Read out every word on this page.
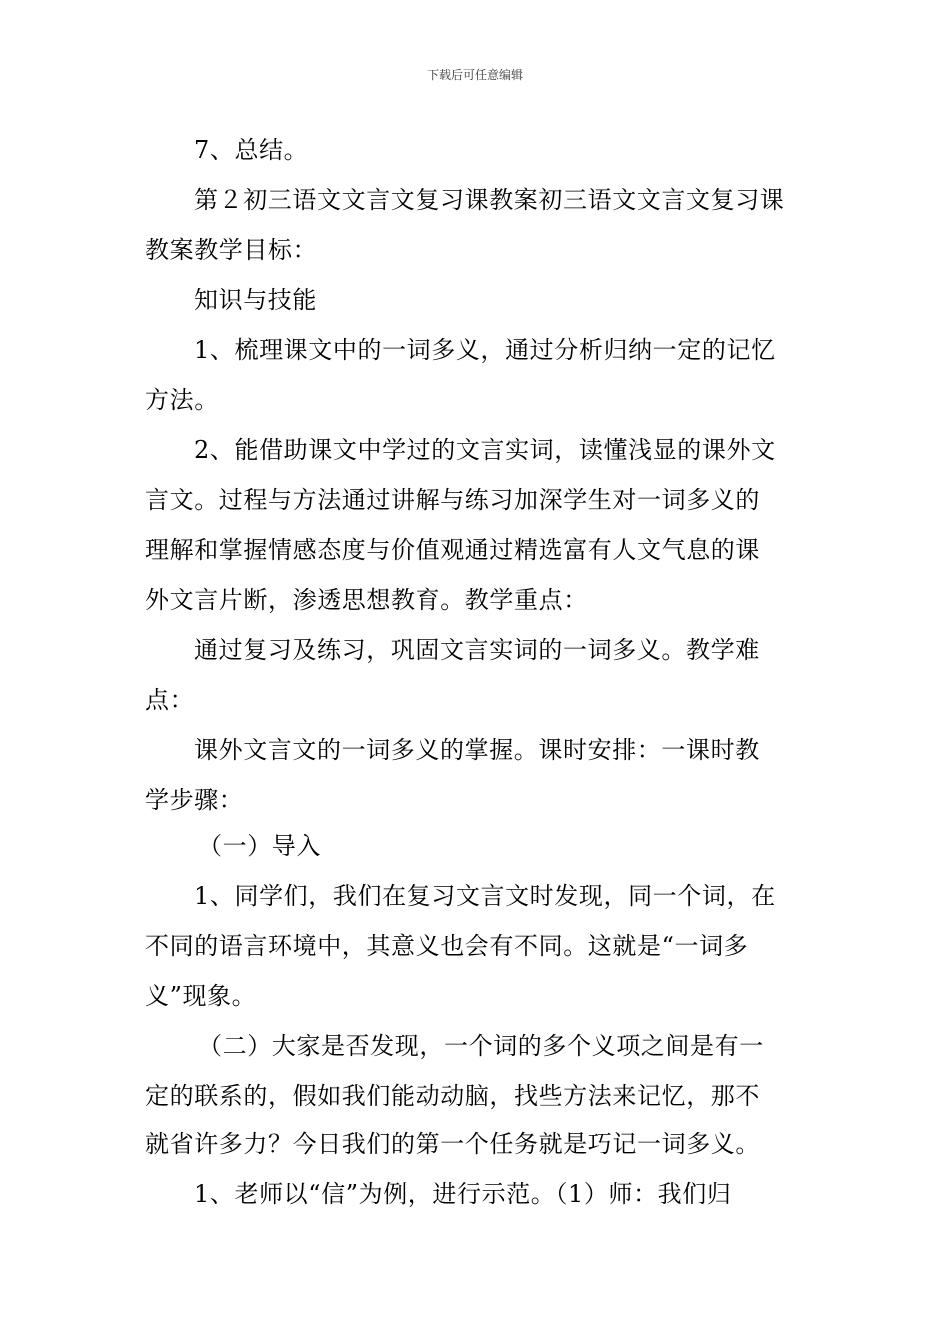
下载后可任意编辑
7、总结。
第２初三语文文言文复习课教案初三语文文言文复习课
教案教学目标：
知识与技能
1、梳理课文中的一词多义，通过分析归纳一定的记忆
方法。
2、能借助课文中学过的文言实词，读懂浅显的课外文
言文。过程与方法通过讲解与练习加深学生对一词多义的
理解和掌握情感态度与价值观通过精选富有人文气息的课
外文言片断，渗透思想教育。教学重点：
通过复习及练习，巩固文言实词的一词多义。教学难
点：
课外文言文的一词多义的掌握。课时安排：一课时教
学步骤：
（一）导入
1、同学们，我们在复习文言文时发现，同一个词，在
不同的语言环境中，其意义也会有不同。这就是“一词多
义”现象。
（二）大家是否发现，一个词的多个义项之间是有一
定的联系的，假如我们能动动脑，找些方法来记忆，那不
就省许多力？今日我们的第一个任务就是巧记一词多义。
1、老师以“信”为例，进行示范。（1）师：我们归
